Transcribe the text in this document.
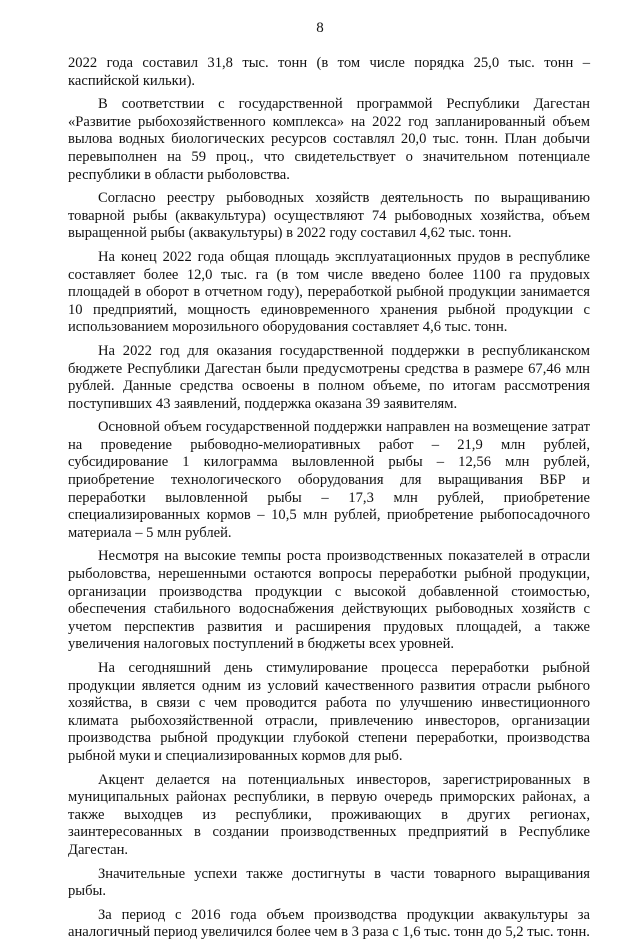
8

2022 года составил 31,8 тыс. тонн (в том числе порядка 25,0 тыс. тонн – каспийской кильки).

В соответствии с государственной программой Республики Дагестан «Развитие рыбохозяйственного комплекса» на 2022 год запланированный объем вылова водных биологических ресурсов составлял 20,0 тыс. тонн. План добычи перевыполнен на 59 проц., что свидетельствует о значительном потенциале республики в области рыболовства.

Согласно реестру рыбоводных хозяйств деятельность по выращиванию товарной рыбы (аквакультура) осуществляют 74 рыбоводных хозяйства, объем выращенной рыбы (аквакультуры) в 2022 году составил 4,62 тыс. тонн.

На конец 2022 года общая площадь эксплуатационных прудов в республике составляет более 12,0 тыс. га (в том числе введено более 1100 га прудовых площадей в оборот в отчетном году), переработкой рыбной продукции занимается 10 предприятий, мощность единовременного хранения рыбной продукции с использованием морозильного оборудования составляет 4,6 тыс. тонн.

На 2022 год для оказания государственной поддержки в республиканском бюджете Республики Дагестан были предусмотрены средства в размере 67,46 млн рублей. Данные средства освоены в полном объеме, по итогам рассмотрения поступивших 43 заявлений, поддержка оказана 39 заявителям.

Основной объем государственной поддержки направлен на возмещение затрат на проведение рыбоводно-мелиоративных работ – 21,9 млн рублей, субсидирование 1 килограмма выловленной рыбы – 12,56 млн рублей, приобретение технологического оборудования для выращивания ВБР и переработки выловленной рыбы – 17,3 млн рублей, приобретение специализированных кормов – 10,5 млн рублей, приобретение рыбопосадочного материала – 5 млн рублей.

Несмотря на высокие темпы роста производственных показателей в отрасли рыболовства, нерешенными остаются вопросы переработки рыбной продукции, организации производства продукции с высокой добавленной стоимостью, обеспечения стабильного водоснабжения действующих рыбоводных хозяйств с учетом перспектив развития и расширения прудовых площадей, а также увеличения налоговых поступлений в бюджеты всех уровней.

На сегодняшний день стимулирование процесса переработки рыбной продукции является одним из условий качественного развития отрасли рыбного хозяйства, в связи с чем проводится работа по улучшению инвестиционного климата рыбохозяйственной отрасли, привлечению инвесторов, организации производства рыбной продукции глубокой степени переработки, производства рыбной муки и специализированных кормов для рыб.

Акцент делается на потенциальных инвесторов, зарегистрированных в муниципальных районах республики, в первую очередь приморских районах, а также выходцев из республики, проживающих в других регионах, заинтересованных в создании производственных предприятий в Республике Дагестан.

Значительные успехи также достигнуты в части товарного выращивания рыбы.

За период с 2016 года объем производства продукции аквакультуры за аналогичный период увеличился более чем в 3 раза с 1,6 тыс. тонн до 5,2 тыс. тонн.
